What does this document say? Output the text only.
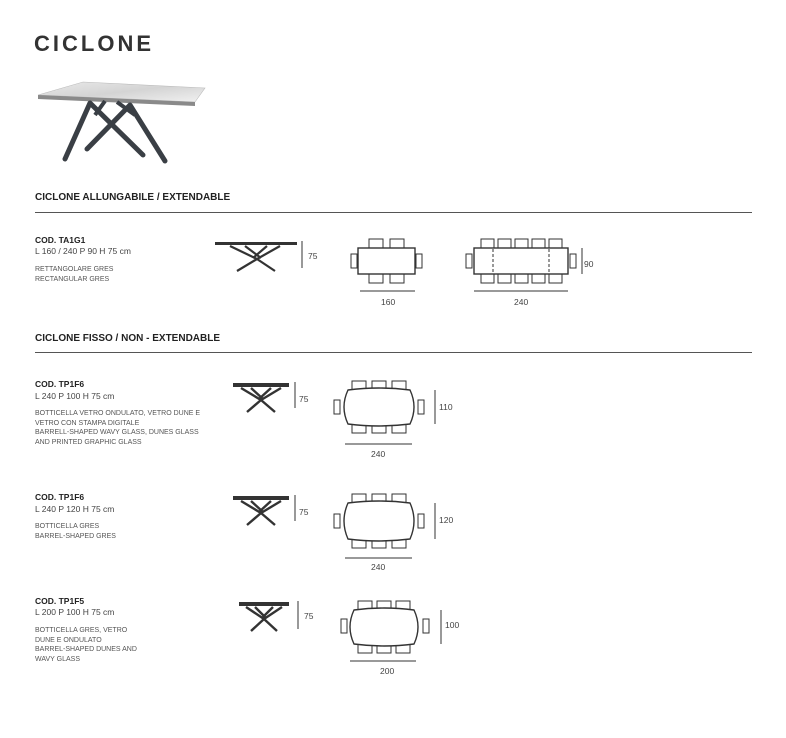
CICLONE
CICLONE ALLUNGABILE / EXTENDABLE
COD. TA1G1
L 160 / 240 P 90 H 75 cm
RETTANGOLARE GRES
RECTANGULAR GRES
75
160	240
90
CICLONE FISSO / NON - EXTENDABLE
COD. TP1F6
L 240 P 100 H 75 cm
BOTTICELLA VETRO ONDULATO, VETRO DUNE E
VETRO CON STAMPA DIGITALE
BARRELL-SHAPED WAVY GLASS, DUNES GLASS
AND PRINTED GRAPHIC GLASS
75
240
110
COD. TP1F6
L 240 P 120 H 75 cm
BOTTICELLA GRES
BARREL-SHAPED GRES
75
240
120
COD. TP1F5
L 200 P 100 H 75 cm
BOTTICELLA GRES, VETRO
DUNE E ONDULATO
BARREL-SHAPED DUNES AND
WAVY GLASS
75
200
100
